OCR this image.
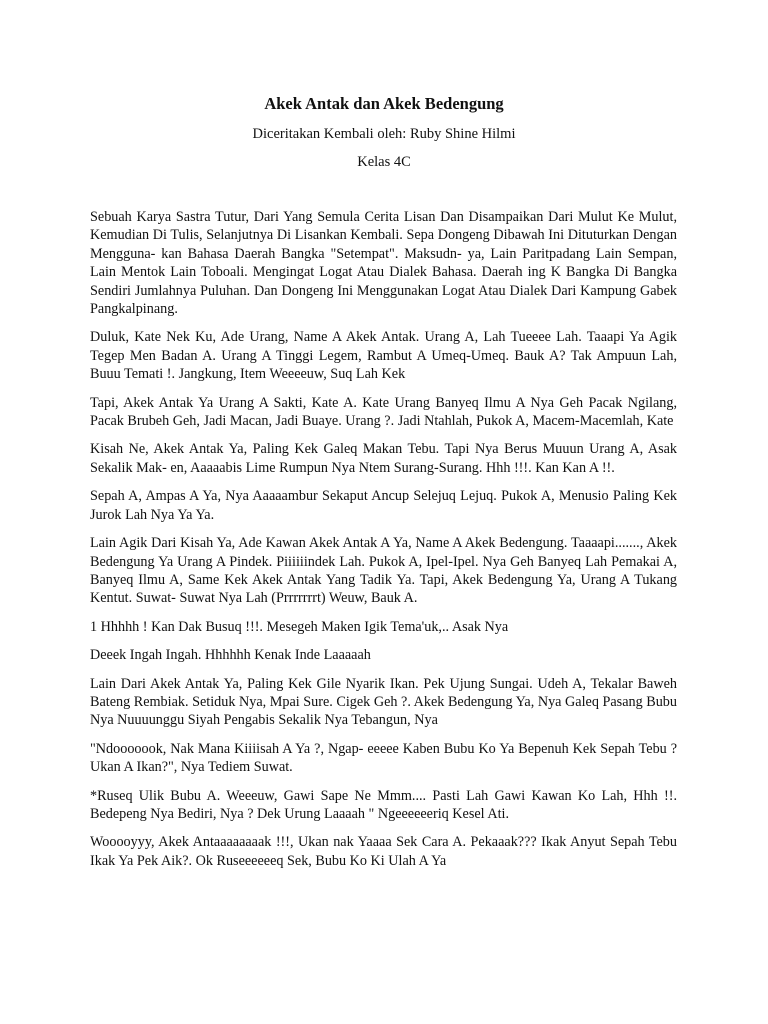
Akek Antak dan Akek Bedengung
Diceritakan Kembali oleh: Ruby Shine Hilmi
Kelas 4C

Sebuah Karya Sastra Tutur, Dari Yang Semula Cerita Lisan Dan Disampaikan Dari Mulut Ke Mulut, Kemudian Di Tulis, Selanjutnya Di Lisankan Kembali. Sepa Dongeng Dibawah Ini Dituturkan Dengan Mengguna- kan Bahasa Daerah Bangka "Setempat". Maksudn- ya, Lain Paritpadang Lain Sempan, Lain Mentok Lain Toboali. Mengingat Logat Atau Dialek Bahasa. Daerah ing K Bangka Di Bangka Sendiri Jumlahnya Puluhan. Dan Dongeng Ini Menggunakan Logat Atau Dialek Dari Kampung Gabek Pangkalpinang.

Duluk, Kate Nek Ku, Ade Urang, Name A Akek Antak. Urang A, Lah Tueeee Lah. Taaapi Ya Agik Tegep Men Badan A. Urang A Tinggi Legem, Rambut A Umeq-Umeq. Bauk A? Tak Ampuun Lah, Buuu Temati !. Jangkung, Item Weeeeuw, Suq Lah Kek

Tapi, Akek Antak Ya Urang A Sakti, Kate A. Kate Urang Banyeq Ilmu A Nya Geh Pacak Ngilang, Pacak Brubeh Geh, Jadi Macan, Jadi Buaye. Urang ?. Jadi Ntahlah, Pukok A, Macem-Macemlah, Kate

Kisah Ne, Akek Antak Ya, Paling Kek Galeq Makan Tebu. Tapi Nya Berus Muuun Urang A, Asak Sekalik Mak- en, Aaaaabis Lime Rumpun Nya Ntem Surang-Surang. Hhh !!!. Kan Kan A !!.

Sepah A, Ampas A Ya, Nya Aaaaambur Sekaput Ancup Selejuq Lejuq. Pukok A, Menusio Paling Kek Jurok Lah Nya Ya Ya.

Lain Agik Dari Kisah Ya, Ade Kawan Akek Antak A Ya, Name A Akek Bedengung. Taaaapi......., Akek Bedengung Ya Urang A Pindek. Piiiiiindek Lah. Pukok A, Ipel-Ipel. Nya Geh Banyeq Lah Pemakai A, Banyeq Ilmu A, Same Kek Akek Antak Yang Tadik Ya. Tapi, Akek Bedengung Ya, Urang A Tukang Kentut. Suwat- Suwat Nya Lah (Prrrrrrrt) Weuw, Bauk A.

1 Hhhhh ! Kan Dak Busuq !!!. Mesegeh Maken Igik Tema'uk,.. Asak Nya

Deeek Ingah Ingah. Hhhhhh Kenak Inde Laaaaah

Lain Dari Akek Antak Ya, Paling Kek Gile Nyarik Ikan. Pek Ujung Sungai. Udeh A, Tekalar Baweh Bateng Rembiak. Setiduk Nya, Mpai Sure. Cigek Geh ?. Akek Bedengung Ya, Nya Galeq Pasang Bubu Nya Nuuuunggu Siyah Pengabis Sekalik Nya Tebangun, Nya

"Ndooooook, Nak Mana Kiiiisah A Ya ?, Ngap- eeeee Kaben Bubu Ko Ya Bepenuh Kek Sepah Tebu ? Ukan A Ikan?", Nya Tediem Suwat.

*Ruseq Ulik Bubu A. Weeeuw, Gawi Sape Ne Mmm.... Pasti Lah Gawi Kawan Ko Lah, Hhh !!. Bedepeng Nya Bediri, Nya ? Dek Urung Laaaah " Ngeeeeeeriq Kesel Ati.

Wooooyyy, Akek Antaaaaaaaak !!!, Ukan nak Yaaaa Sek Cara A. Pekaaak??? Ikak Anyut Sepah Tebu Ikak Ya Pek Aik?. Ok Ruseeeeeeq Sek, Bubu Ko Ki Ulah A Ya
